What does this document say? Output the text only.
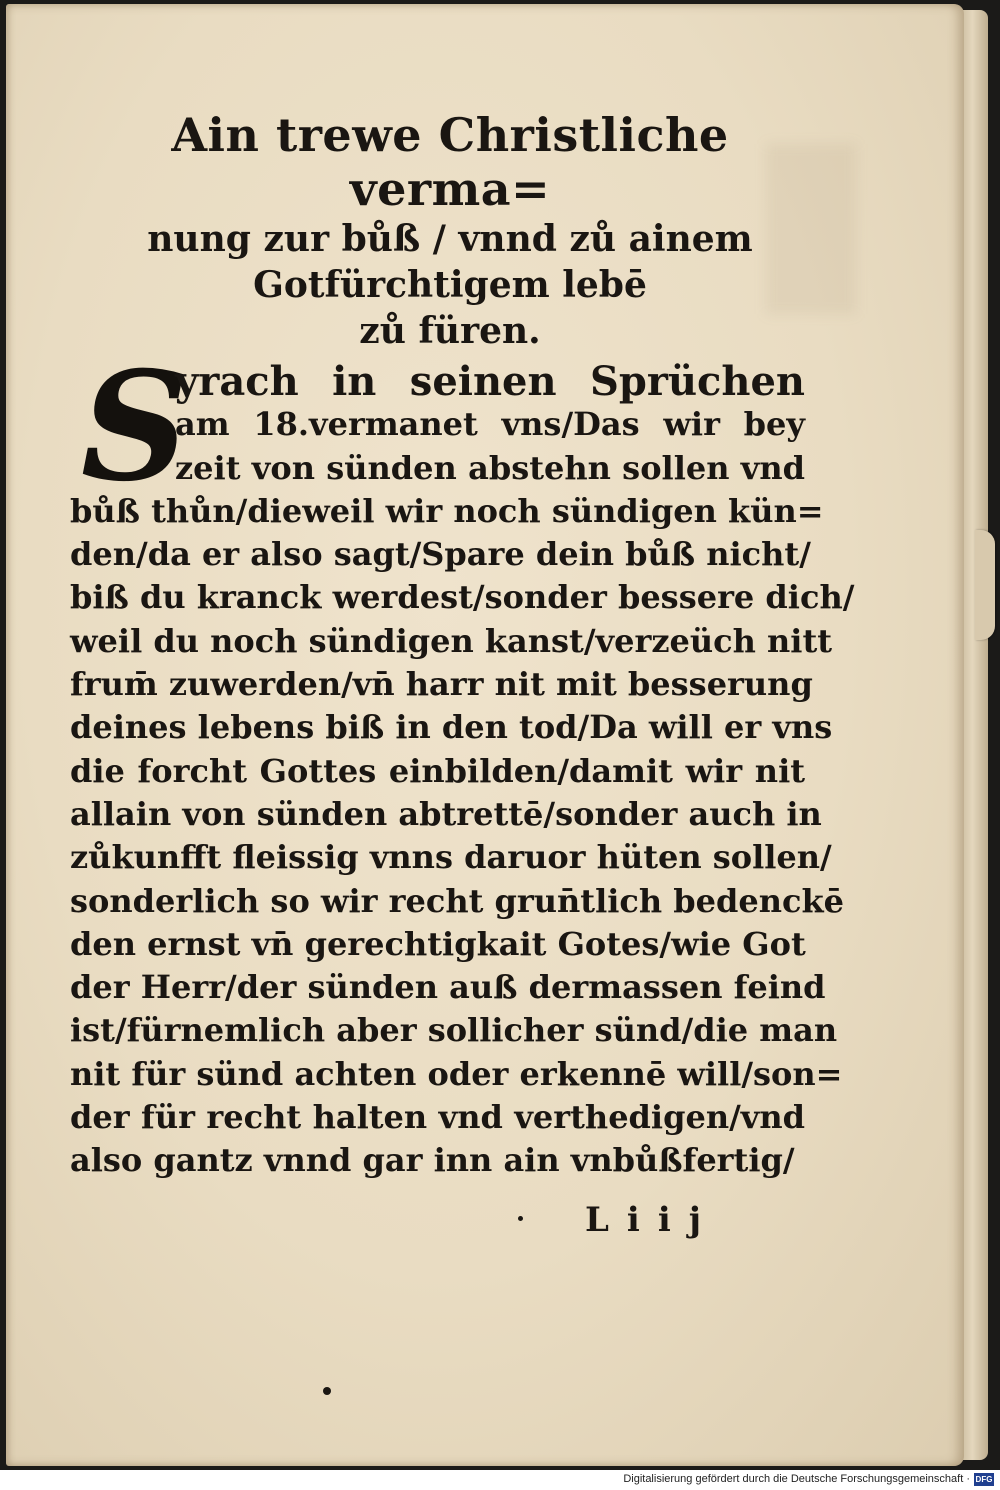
Ain trewe Christliche verma=
nung zur bůß / vnnd zů ainem
Gotfürchtigem lebē
zů füren.
S
yrach in seinen Sprüchen
am 18.vermanet vns/Das wir bey
zeit von sünden abstehn sollen vnd
bůß thůn/dieweil wir noch sündigen kün=
den/da er also sagt/Spare dein bůß nicht/
biß du kranck werdest/sonder bessere dich/
weil du noch sündigen kanst/verzeüch nitt
frum̄ zuwerden/vn̄ harr nit mit besserung
deines lebens biß in den tod/Da will er vns
die forcht Gottes einbilden/damit wir nit
allain von sünden abtrettē/sonder auch in
zůkunfft fleissig vnns daruor hüten sollen/
sonderlich so wir recht grun̄tlich bedenckē
den ernst vn̄ gerechtigkait Gotes/wie Got
der Herr/der sünden auß dermassen feind
ist/fürnemlich aber sollicher sünd/die man
nit für sünd achten oder erkennē will/son=
der für recht halten vnd verthedigen/vnd
also gantz vnnd gar inn ain vnbůßfertig/
Liij
Digitalisierung gefördert durch die Deutsche Forschungsgemeinschaft · DFG
